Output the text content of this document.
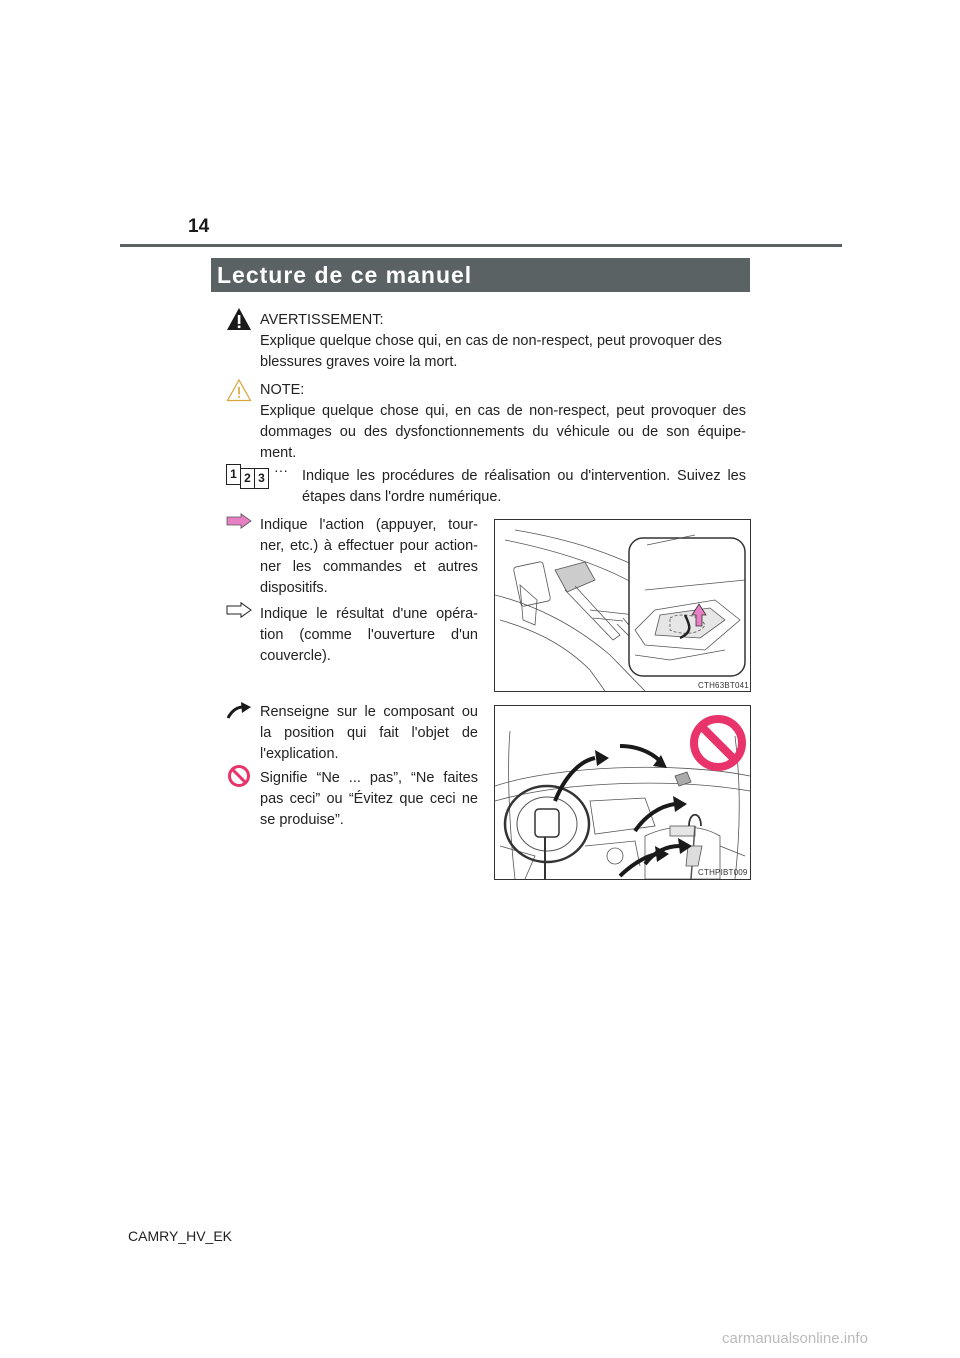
14
Lecture de ce manuel
AVERTISSEMENT:
Explique quelque chose qui, en cas de non-respect, peut provoquer des
blessures graves voire la mort.
NOTE:
Explique quelque chose qui, en cas de non-respect, peut provoquer des
dommages ou des dysfonctionnements du véhicule ou de son équipe-
ment.
1 2 3 ··· Indique les procédures de réalisation ou d'intervention. Suivez les
étapes dans l'ordre numérique.
Indique l'action (appuyer, tour-
ner, etc.) à effectuer pour action-
ner les commandes et autres
dispositifs.
Indique le résultat d'une opéra-
tion (comme l'ouverture d'un
couvercle).
CTH63BT041
Renseigne sur le composant ou
la position qui fait l'objet de
l'explication.
Signifie “Ne ... pas”, “Ne faites
pas ceci” ou “Évitez que ceci ne
se produise”.
CTHPIBT009
CAMRY_HV_EK
carmanualsonline.info
